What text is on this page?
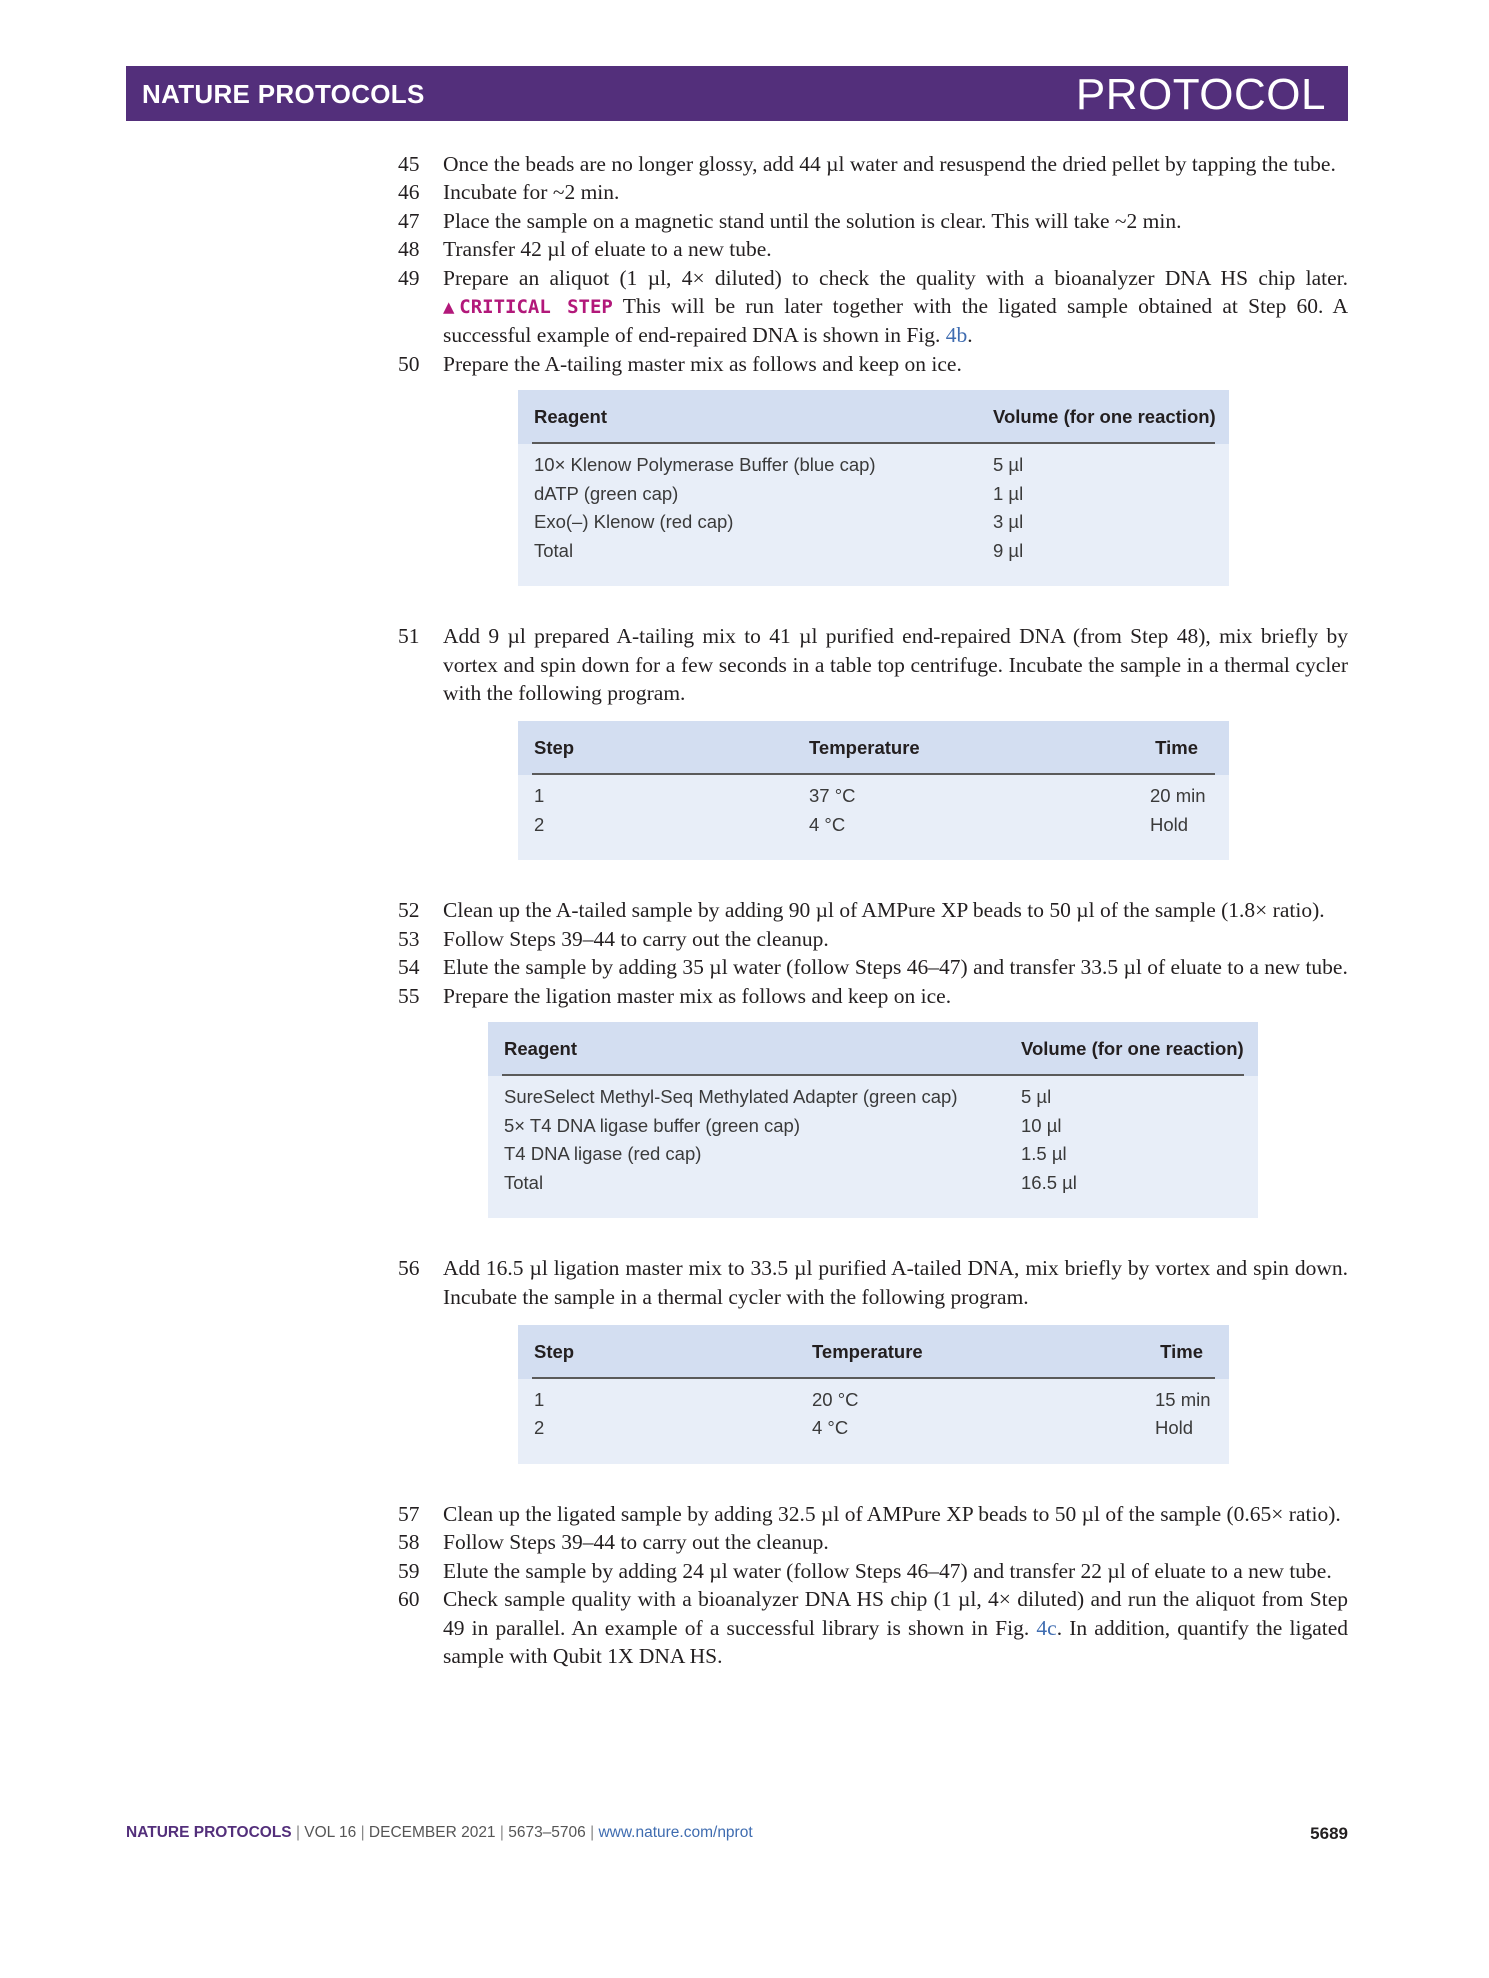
NATURE PROTOCOLS	PROTOCOL

45 Once the beads are no longer glossy, add 44 µl water and resuspend the dried pellet by tapping the tube.

46 Incubate for ~2 min.

47 Place the sample on a magnetic stand until the solution is clear. This will take ~2 min.

48 Transfer 42 µl of eluate to a new tube.

49 Prepare an aliquot (1 µl, 4× diluted) to check the quality with a bioanalyzer DNA HS chip later. ▲CRITICAL STEP This will be run later together with the ligated sample obtained at Step 60. A successful example of end-repaired DNA is shown in Fig. 4b.

50 Prepare the A-tailing master mix as follows and keep on ice.

Reagent	Volume (for one reaction)
10× Klenow Polymerase Buffer (blue cap)	5 µl
dATP (green cap)	1 µl
Exo(–) Klenow (red cap)	3 µl
Total	9 µl

51 Add 9 µl prepared A-tailing mix to 41 µl purified end-repaired DNA (from Step 48), mix briefly by vortex and spin down for a few seconds in a table top centrifuge. Incubate the sample in a thermal cycler with the following program.

Step	Temperature	Time
1	37 °C	20 min
2	4 °C	Hold

52 Clean up the A-tailed sample by adding 90 µl of AMPure XP beads to 50 µl of the sample (1.8× ratio).

53 Follow Steps 39–44 to carry out the cleanup.

54 Elute the sample by adding 35 µl water (follow Steps 46–47) and transfer 33.5 µl of eluate to a new tube.

55 Prepare the ligation master mix as follows and keep on ice.

Reagent	Volume (for one reaction)
SureSelect Methyl-Seq Methylated Adapter (green cap)	5 µl
5× T4 DNA ligase buffer (green cap)	10 µl
T4 DNA ligase (red cap)	1.5 µl
Total	16.5 µl

56 Add 16.5 µl ligation master mix to 33.5 µl purified A-tailed DNA, mix briefly by vortex and spin down. Incubate the sample in a thermal cycler with the following program.

Step	Temperature	Time
1	20 °C	15 min
2	4 °C	Hold

57 Clean up the ligated sample by adding 32.5 µl of AMPure XP beads to 50 µl of the sample (0.65× ratio).

58 Follow Steps 39–44 to carry out the cleanup.

59 Elute the sample by adding 24 µl water (follow Steps 46–47) and transfer 22 µl of eluate to a new tube.

60 Check sample quality with a bioanalyzer DNA HS chip (1 µl, 4× diluted) and run the aliquot from Step 49 in parallel. An example of a successful library is shown in Fig. 4c. In addition, quantify the ligated sample with Qubit 1X DNA HS.

NATURE PROTOCOLS | VOL 16 | DECEMBER 2021 | 5673–5706 | www.nature.com/nprot	5689
